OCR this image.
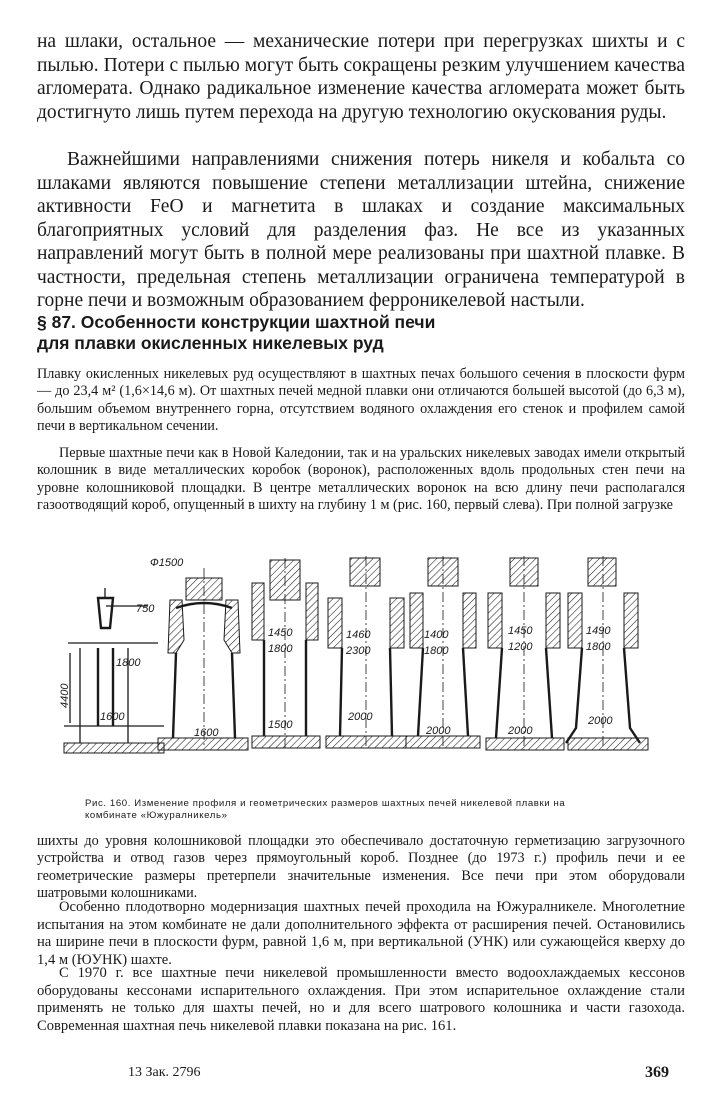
на шлаки, остальное — механические потери при перегрузках шихты и с пылью. Потери с пылью могут быть сокращены резким улучшением качества агломерата. Однако радикальное изменение качества агломерата может быть достигнуто лишь путем перехода на другую технологию окускования руды.

Важнейшими направлениями снижения потерь никеля и кобальта со шлаками являются повышение степени металлизации штейна, снижение активности FeO и магнетита в шлаках и создание максимальных благоприятных условий для разделения фаз. Не все из указанных направлений могут быть в полной мере реализованы при шахтной плавке. В частности, предельная степень металлизации ограничена температурой в горне печи и возможным образованием ферроникелевой настыли.

§ 87. Особенности конструкции шахтной печи
для плавки окисленных никелевых руд

Плавку окисленных никелевых руд осуществляют в шахтных печах большого сечения в плоскости фурм — до 23,4 м² (1,6×14,6 м). От шахтных печей медной плавки они отличаются большей высотой (до 6,3 м), большим объемом внутреннего горна, отсутствием водяного охлаждения его стенок и профилем самой печи в вертикальном сечении.

Первые шахтные печи как в Новой Каледонии, так и на уральских никелевых заводах имели открытый колошник в виде металлических коробок (воронок), расположенных вдоль продольных стен печи на уровне колошниковой площадки. В центре металлических воронок на всю длину печи располагался газоотводящий короб, опущенный в шихту на глубину 1 м (рис. 160, первый слева). При полной загрузке

Ф1500
750
4400
1800
1600
1600
1450
1800
1500
1460
2300
2000
1400
1800
2000
1450
1200
2000
1490
1800
2000
Рис. 160. Изменение профиля и геометрических размеров шахтных печей никелевой плавки на
комбинате «Южуралникель»

шихты до уровня колошниковой площадки это обеспечивало достаточную герметизацию загрузочного устройства и отвод газов через прямоугольный короб. Позднее (до 1973 г.) профиль печи и ее геометрические размеры претерпели значительные изменения. Все печи при этом оборудовали шатровыми колошниками.

Особенно плодотворно модернизация шахтных печей проходила на Южуралникеле. Многолетние испытания на этом комбинате не дали дополнительного эффекта от расширения печей. Остановились на ширине печи в плоскости фурм, равной 1,6 м, при вертикальной (УНК) или сужающейся кверху до 1,4 м (ЮУНК) шахте.

С 1970 г. все шахтные печи никелевой промышленности вместо водоохлаждаемых кессонов оборудованы кессонами испарительного охлаждения. При этом испарительное охлаждение стали применять не только для шахты печей, но и для всего шатрового колошника и части газохода. Современная шахтная печь никелевой плавки показана на рис. 161.

13 Зак. 2796	369
